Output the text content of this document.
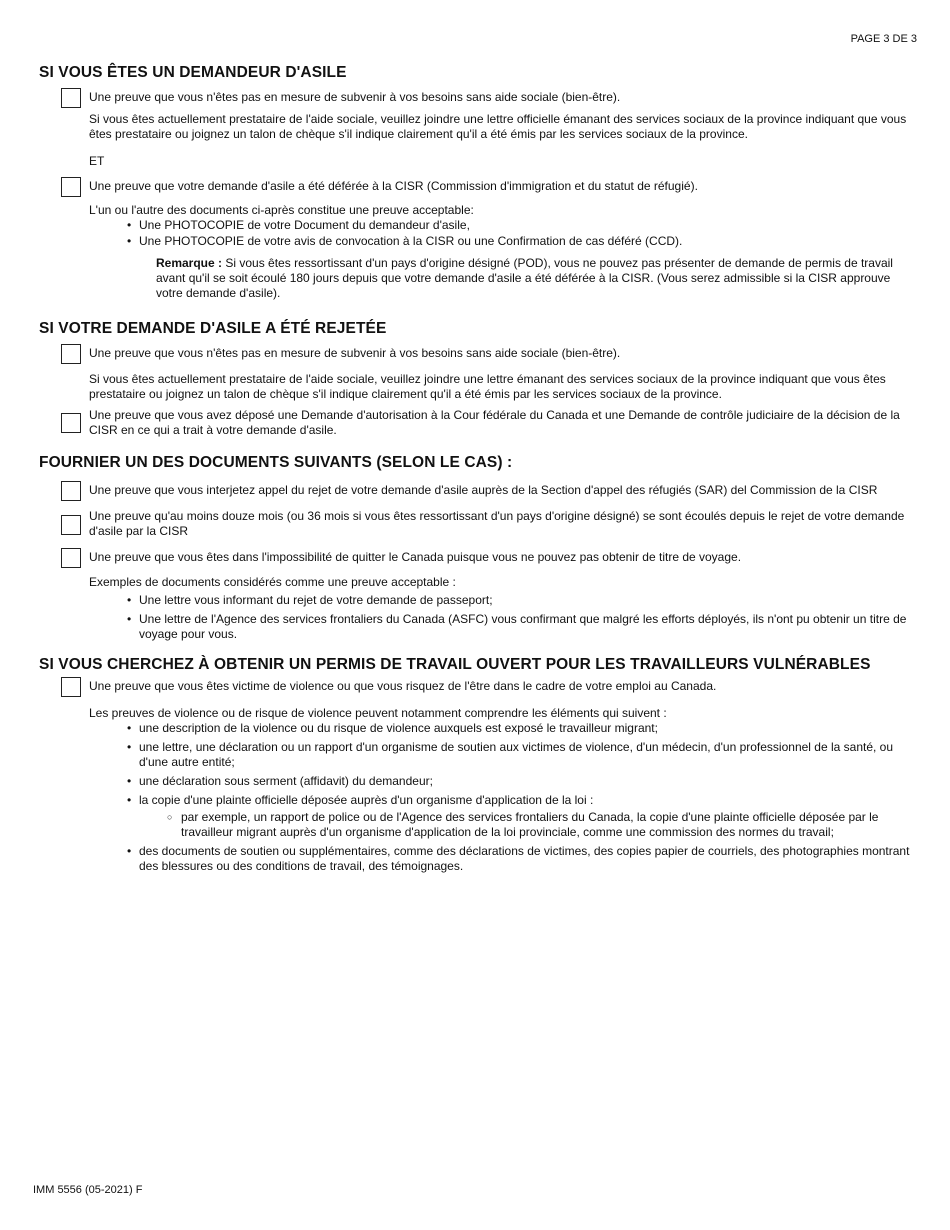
PAGE 3 DE 3
SI VOUS ÊTES UN DEMANDEUR D'ASILE
Une preuve que vous n'êtes pas en mesure de subvenir à vos besoins sans aide sociale (bien-être).
Si vous êtes actuellement prestataire de l'aide sociale, veuillez joindre une lettre officielle émanant des services sociaux de la province indiquant que vous êtes prestataire ou joignez un talon de chèque s'il indique clairement qu'il a été émis par les services sociaux de la province.
ET
Une preuve que votre demande d'asile a été déférée à la CISR (Commission d'immigration et du statut de réfugié).
L'un ou l'autre des documents ci-après constitue une preuve acceptable:
• Une PHOTOCOPIE de votre Document du demandeur d'asile,
• Une PHOTOCOPIE de votre avis de convocation à la CISR ou une Confirmation de cas déféré (CCD).
Remarque : Si vous êtes ressortissant d'un pays d'origine désigné (POD), vous ne pouvez pas présenter de demande de permis de travail avant qu'il se soit écoulé 180 jours depuis que votre demande d'asile a été déférée à la CISR. (Vous serez admissible si la CISR approuve votre demande d'asile).
SI VOTRE DEMANDE D'ASILE A ÉTÉ REJETÉE
Une preuve que vous n'êtes pas en mesure de subvenir à vos besoins sans aide sociale (bien-être).
Si vous êtes actuellement prestataire de l'aide sociale, veuillez joindre une lettre émanant des services sociaux de la province indiquant que vous êtes prestataire ou joignez un talon de chèque s'il indique clairement qu'il a été émis par les services sociaux de la province.
Une preuve que vous avez déposé une Demande d'autorisation à la Cour fédérale du Canada et une Demande de contrôle judiciaire de la décision de la CISR en ce qui a trait à votre demande d'asile.
FOURNIER UN DES DOCUMENTS SUIVANTS (SELON LE CAS) :
Une preuve que vous interjetez appel du rejet de votre demande d'asile auprès de la Section d'appel des réfugiés (SAR) del Commission de la CISR
Une preuve qu'au moins douze mois (ou 36 mois si vous êtes ressortissant d'un pays d'origine désigné) se sont écoulés depuis le rejet de votre demande d'asile par la CISR
Une preuve que vous êtes dans l'impossibilité de quitter le Canada puisque vous ne pouvez pas obtenir de titre de voyage.
Exemples de documents considérés comme une preuve acceptable :
• Une lettre vous informant du rejet de votre demande de passeport;
• Une lettre de l'Agence des services frontaliers du Canada (ASFC) vous confirmant que malgré les efforts déployés, ils n'ont pu obtenir un titre de voyage pour vous.
SI VOUS CHERCHEZ À OBTENIR UN PERMIS DE TRAVAIL OUVERT POUR LES TRAVAILLEURS VULNÉRABLES
Une preuve que vous êtes victime de violence ou que vous risquez de l'être dans le cadre de votre emploi au Canada.
Les preuves de violence ou de risque de violence peuvent notamment comprendre les éléments qui suivent :
• une description de la violence ou du risque de violence auxquels est exposé le travailleur migrant;
• une lettre, une déclaration ou un rapport d'un organisme de soutien aux victimes de violence, d'un médecin, d'un professionnel de la santé, ou d'une autre entité;
• une déclaration sous serment (affidavit) du demandeur;
• la copie d'une plainte officielle déposée auprès d'un organisme d'application de la loi :
○ par exemple, un rapport de police ou de l'Agence des services frontaliers du Canada, la copie d'une plainte officielle déposée par le travailleur migrant auprès d'un organisme d'application de la loi provinciale, comme une commission des normes du travail;
• des documents de soutien ou supplémentaires, comme des déclarations de victimes, des copies papier de courriels, des photographies montrant des blessures ou des conditions de travail, des témoignages.
IMM 5556 (05-2021) F
